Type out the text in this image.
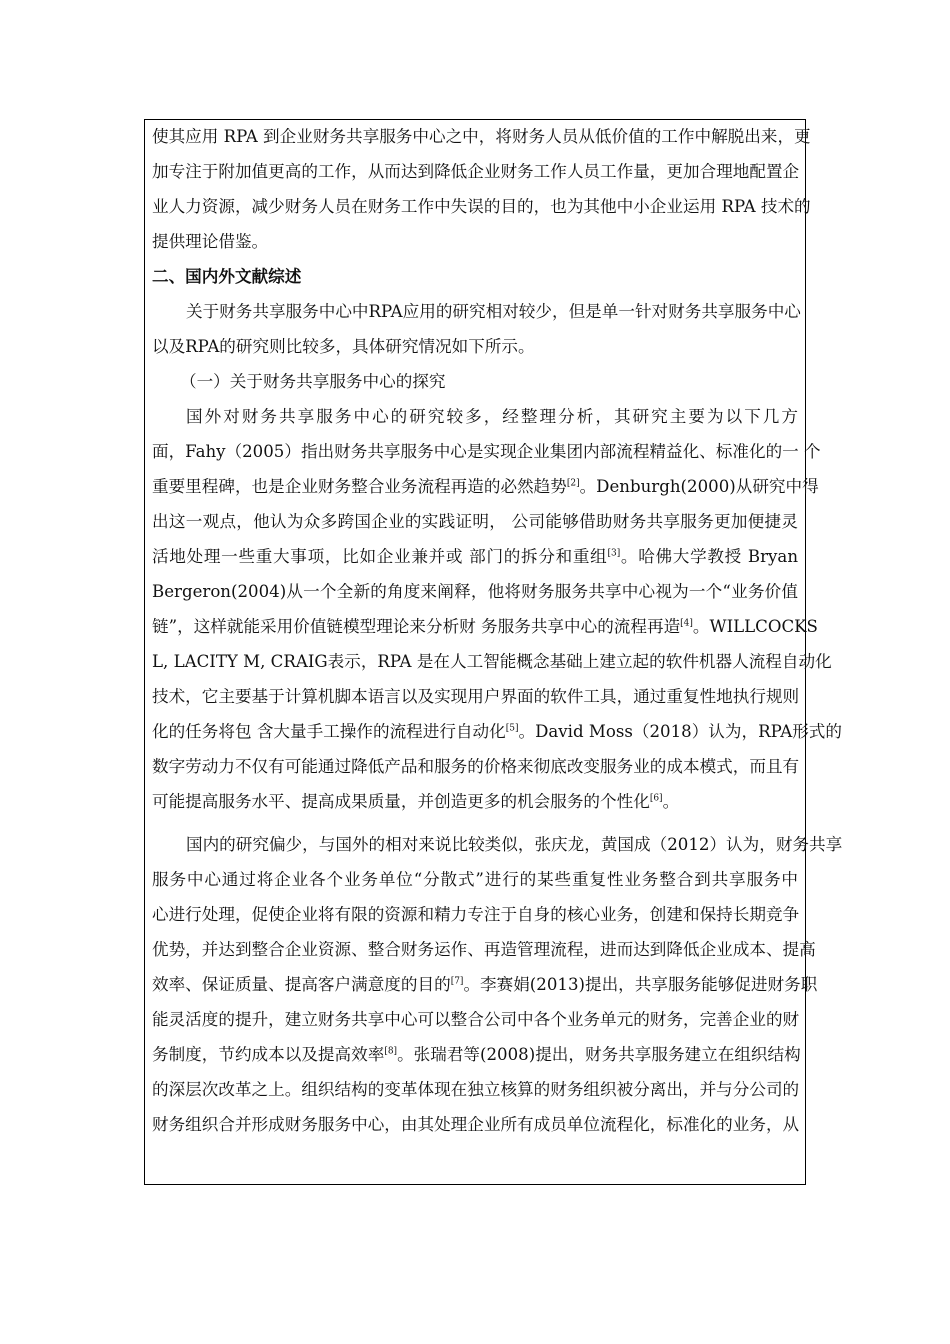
使其应用 RPA 到企业财务共享服务中心之中，将财务人员从低价值的工作中解脱出来，更
加专注于附加值更高的工作，从而达到降低企业财务工作人员工作量，更加合理地配置企
业人力资源，减少财务人员在财务工作中失误的目的，也为其他中小企业运用 RPA 技术的
提供理论借鉴。
二、国内外文献综述
关于财务共享服务中心中RPA应用的研究相对较少，但是单一针对财务共享服务中心
以及RPA的研究则比较多，具体研究情况如下所示。
（一）关于财务共享服务中心的探究
国外对财务共享服务中心的研究较多，经整理分析，其研究主要为以下几方
面，Fahy（2005）指出财务共享服务中心是实现企业集团内部流程精益化、标准化的一 个
重要里程碑，也是企业财务整合业务流程再造的必然趋势[2]。Denburgh(2000)从研究中得
出这一观点，他认为众多跨国企业的实践证明， 公司能够借助财务共享服务更加便捷灵
活地处理一些重大事项，比如企业兼并或 部门的拆分和重组[3]。哈佛大学教授 Bryan
Bergeron(2004)从一个全新的角度来阐释，他将财务服务共享中心视为一个“业务价值
链”，这样就能采用价值链模型理论来分析财 务服务共享中心的流程再造[4]。WILLCOCKS
L, LACITY M, CRAIG表示，RPA 是在人工智能概念基础上建立起的软件机器人流程自动化
技术，它主要基于计算机脚本语言以及实现用户界面的软件工具，通过重复性地执行规则
化的任务将包 含大量手工操作的流程进行自动化[5]。David Moss（2018）认为，RPA形式的
数字劳动力不仅有可能通过降低产品和服务的价格来彻底改变服务业的成本模式，而且有
可能提高服务水平、提高成果质量，并创造更多的机会服务的个性化[6]。
国内的研究偏少，与国外的相对来说比较类似，张庆龙，黄国成（2012）认为，财务共享
服务中心通过将企业各个业务单位“分散式”进行的某些重复性业务整合到共享服务中
心进行处理，促使企业将有限的资源和精力专注于自身的核心业务，创建和保持长期竞争
优势，并达到整合企业资源、整合财务运作、再造管理流程，进而达到降低企业成本、提高
效率、保证质量、提高客户满意度的目的[7]。李赛娟(2013)提出，共享服务能够促进财务职
能灵活度的提升，建立财务共享中心可以整合公司中各个业务单元的财务，完善企业的财
务制度，节约成本以及提高效率[8]。张瑞君等(2008)提出，财务共享服务建立在组织结构
的深层次改革之上。组织结构的变革体现在独立核算的财务组织被分离出，并与分公司的
财务组织合并形成财务服务中心，由其处理企业所有成员单位流程化，标准化的业务，从
